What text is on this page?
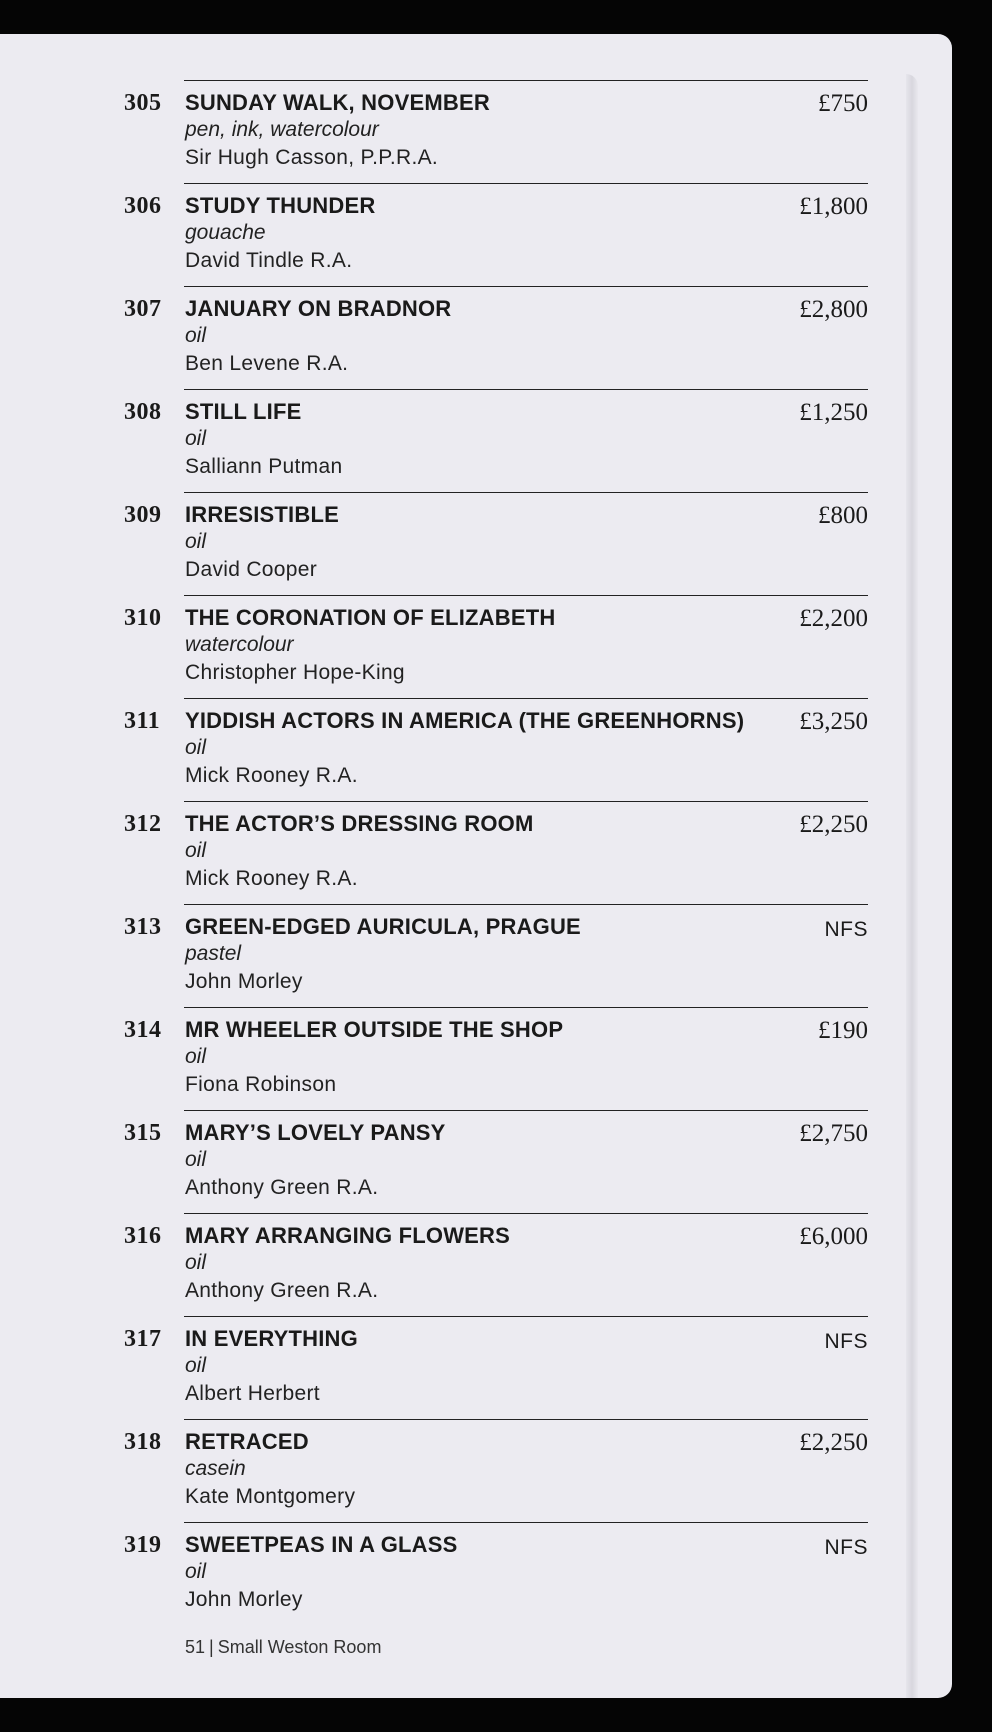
305	SUNDAY WALK, NOVEMBER
pen, ink, watercolour
Sir Hugh Casson, P.P.R.A.
£750
306	STUDY THUNDER
gouache
David Tindle R.A.
£1,800
307	JANUARY ON BRADNOR
oil
Ben Levene R.A.
£2,800
308	STILL LIFE
oil
Salliann Putman
£1,250
309	IRRESISTIBLE
oil
David Cooper
£800
310	THE CORONATION OF ELIZABETH
watercolour
Christopher Hope-King
£2,200
311	YIDDISH ACTORS IN AMERICA (THE GREENHORNS)
oil
Mick Rooney R.A.
£3,250
312	THE ACTOR’S DRESSING ROOM
oil
Mick Rooney R.A.
£2,250
313	GREEN-EDGED AURICULA, PRAGUE
pastel
John Morley
NFS
314	MR WHEELER OUTSIDE THE SHOP
oil
Fiona Robinson
£190
315	MARY’S LOVELY PANSY
oil
Anthony Green R.A.
£2,750
316	MARY ARRANGING FLOWERS
oil
Anthony Green R.A.
£6,000
317	IN EVERYTHING
oil
Albert Herbert
NFS
318	RETRACED
casein
Kate Montgomery
£2,250
319	SWEETPEAS IN A GLASS
oil
John Morley
NFS
51 | Small Weston Room
